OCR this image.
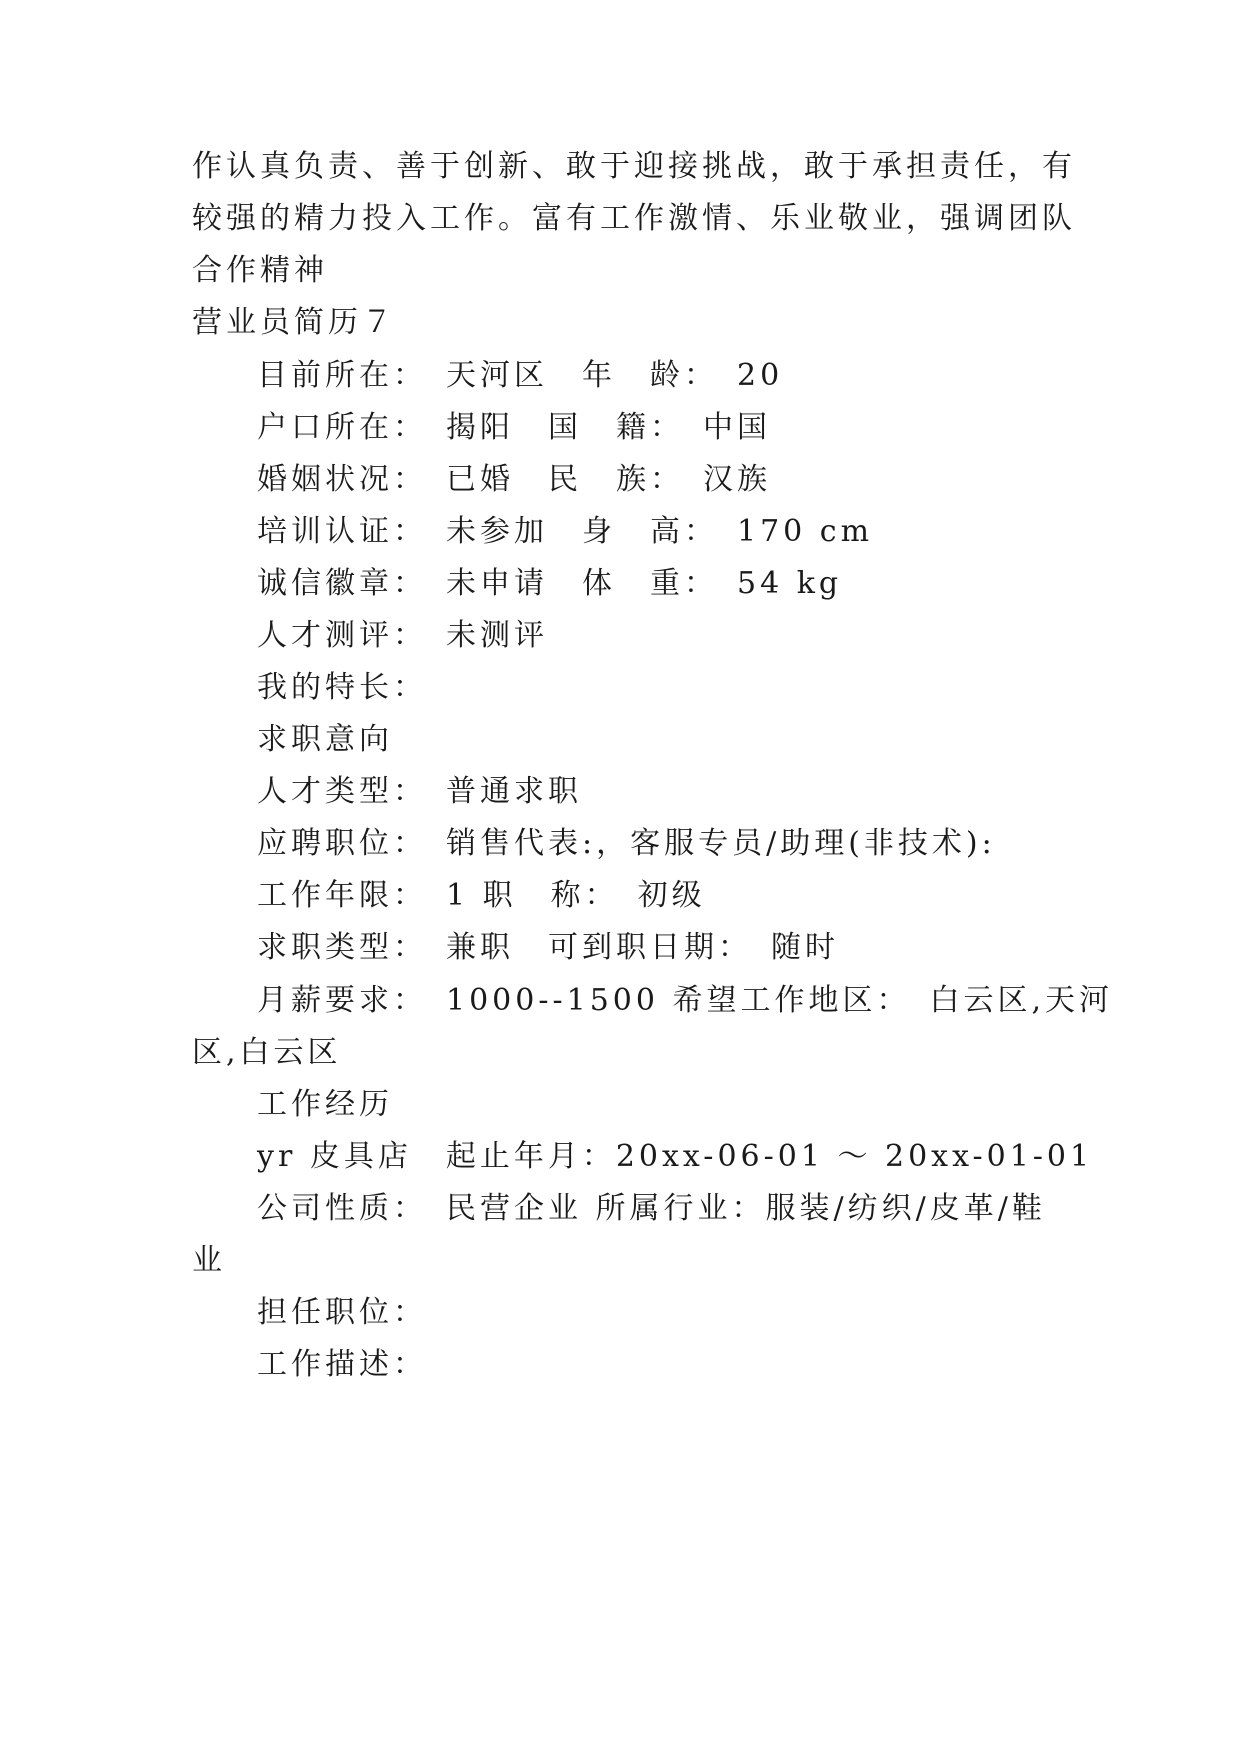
作认真负责、善于创新、敢于迎接挑战，敢于承担责任，有
较强的精力投入工作。富有工作激情、乐业敬业，强调团队
合作精神
营业员简历７
目前所在：　天河区　年　龄：　20
户口所在：　揭阳　国　籍：　中国
婚姻状况：　已婚　民　族：　汉族
培训认证：　未参加　身　高：　170 cm
诚信徽章：　未申请　体　重：　54 kg
人才测评：　未测评
我的特长：
求职意向
人才类型：　普通求职
应聘职位：　销售代表:，客服专员/助理(非技术):
工作年限：　1 职　称：　初级
求职类型：　兼职　可到职日期：　随时
月薪要求：　1000--1500 希望工作地区：　白云区,天河
区,白云区
工作经历
yr 皮具店　起止年月：20xx-06-01 ～ 20xx-01-01
公司性质：　民营企业 所属行业：服装/纺织/皮革/鞋
业
担任职位：
工作描述：
